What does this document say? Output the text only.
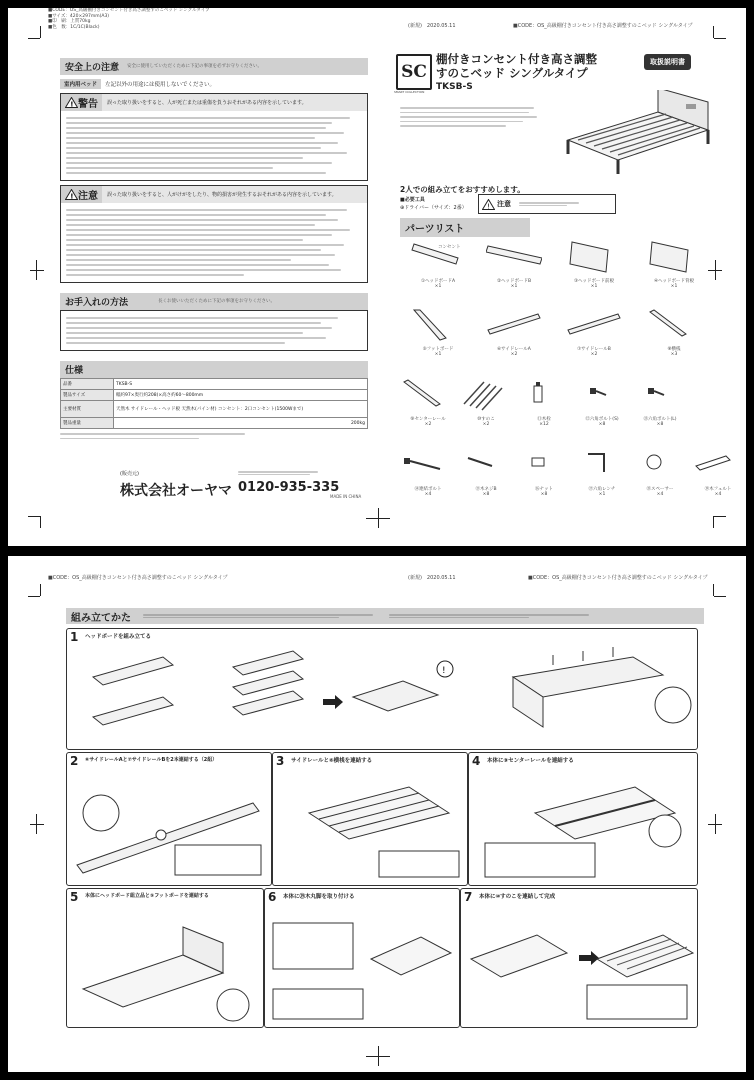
■CODE：OS_高級棚付きコンセント付き高さ調整すのこベッド シングルタイプ
■サイズ：420×297mm(A3)
■印　刷：上質70kg
■色　数：1C/1C(Black)	(新規)　2020.05.11	■CODE：OS_高級棚付きコンセント付き高さ調整すのこベッド シングルタイプ
安全上の注意 安全に使用していただくために下記の事項を必ずお守りください。
室内用ベッド	左記以外の用途には使用しないでください。
! 警告 誤った取り扱いをすると、人が死亡または重傷を負うおそれがある内容を示しています。
! 注意 誤った取り扱いをすると、人がけがをしたり、物的損害が発生するおそれがある内容を示しています。
お手入れの方法	長くお使いいただくために下記の事項をお守りください。
仕様
品番	TKSB-S
製品サイズ	幅約97×奥行約208(×高さ約60〜800mm
主要材質	天然木 サイドレール・ヘッド板 天然木(パイン材) コンセント：2口コンセント(1500Wまで)
製品重量	200kg
(販売元)
株式会社オーヤマ 0120-935-335
MADE IN CHINA
SC
SMART COLLECTION
棚付きコンセント付き高さ調整
すのこベッド シングルタイプ
TKSB-S
取扱説明書
2人での組み立てをおすすめします。
■必要工具
⊕ドライバー（サイズ：2番）	! 注意
パーツリスト
①ヘッドボードA
×1
②ヘッドボードB
×1
③ヘッドボード前板
×1
④ヘッドボード背板
×1
⑤フットボード
×1
⑥サイドレールA
×2
⑦サイドレールB
×2
⑧横桟
×3
⑨センターレール
×2
⑩すのこ
×2
⑪木栓
×12
⑫六角ボルト(S)
×8
⑬六角ボルト(L)
×8
⑭連結ボルト
×4
⑮木ネジB
×8
⑯ナット
×8
⑰六角レンチ
×1
⑱スペーサー
×4
⑲木フェルト
×4
コンセント
■CODE：OS_高級棚付きコンセント付き高さ調整すのこベッド シングルタイプ	(新規)　2020.05.11	■CODE：OS_高級棚付きコンセント付き高さ調整すのこベッド シングルタイプ
組み立てかた
1 ヘッドボードを組み立てる
!
2 ⑥サイドレールAと⑦サイドレールBを2本連結する（2組）	3 サイドレールと⑧横桟を連結する	4 本体に⑨センターレールを連結する
5 本体にヘッドボード組立品と⑤フットボードを連結する	6 本体に⑲木丸脚を取り付ける	7 本体に⑩すのこを連結して完成
